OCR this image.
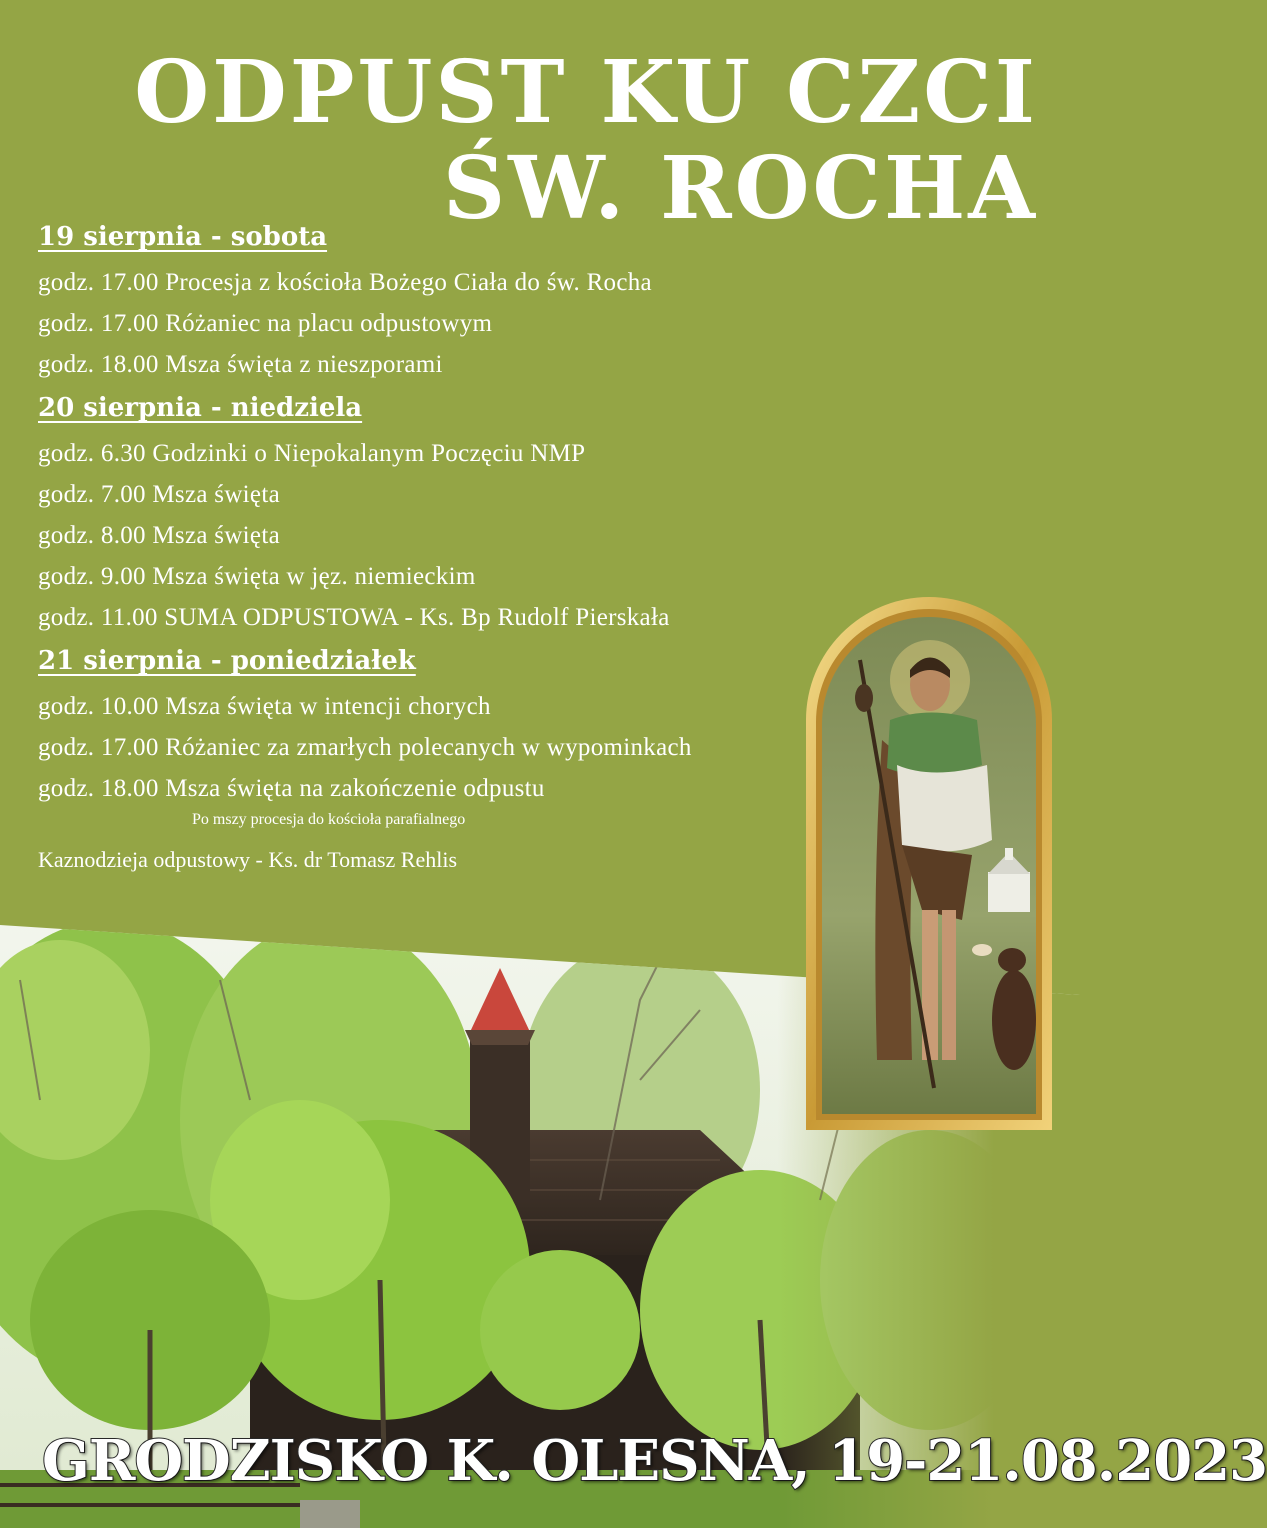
ODPUST KU CZCI
ŚW. ROCHA
19 sierpnia - sobota
godz. 17.00 Procesja z kościoła Bożego Ciała do św. Rocha
godz. 17.00 Różaniec na placu odpustowym
godz. 18.00 Msza święta z nieszporami
20 sierpnia - niedziela
godz. 6.30 Godzinki o Niepokalanym Poczęciu NMP
godz. 7.00 Msza święta
godz. 8.00 Msza święta
godz. 9.00 Msza święta w jęz. niemieckim
godz. 11.00 SUMA ODPUSTOWA - Ks. Bp Rudolf Pierskała
21 sierpnia - poniedziałek
godz. 10.00 Msza święta w intencji chorych
godz. 17.00 Różaniec za zmarłych polecanych w wypominkach
godz. 18.00 Msza święta na zakończenie odpustu
Po mszy procesja do kościoła parafialnego
Kaznodzieja odpustowy - Ks. dr Tomasz Rehlis
GRODZISKO K. OLESNA, 19-21.08.2023
